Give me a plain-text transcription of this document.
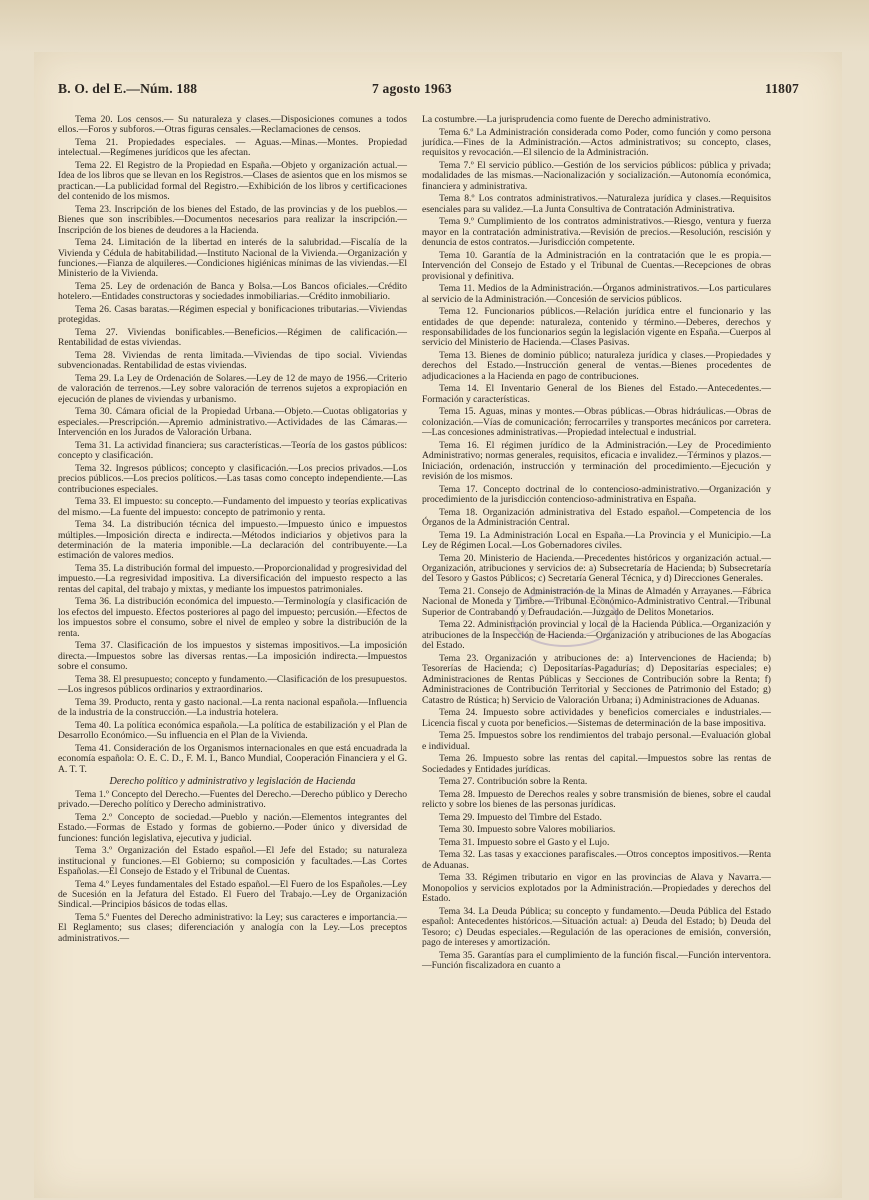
B. O. del E.—Núm. 188	7 agosto 1963	11807

Tema 20. Los censos.— Su naturaleza y clases.—Disposiciones comunes a todos ellos.—Foros y subforos.—Otras figuras censales.—Reclamaciones de censos.

Tema 21. Propiedades especiales. — Aguas.—Minas.—Montes. Propiedad intelectual.—Regímenes jurídicos que les afectan.

Tema 22. El Registro de la Propiedad en España.—Objeto y organización actual.—Idea de los libros que se llevan en los Registros.—Clases de asientos que en los mismos se practican.—La publicidad formal del Registro.—Exhibición de los libros y certificaciones del contenido de los mismos.

Tema 23. Inscripción de los bienes del Estado, de las provincias y de los pueblos.—Bienes que son inscribibles.—Documentos necesarios para realizar la inscripción.—Inscripción de los bienes de deudores a la Hacienda.

Tema 24. Limitación de la libertad en interés de la salubridad.—Fiscalía de la Vivienda y Cédula de habitabilidad.—Instituto Nacional de la Vivienda.—Organización y funciones.—Fianza de alquileres.—Condiciones higiénicas mínimas de las viviendas.—El Ministerio de la Vivienda.

Tema 25. Ley de ordenación de Banca y Bolsa.—Los Bancos oficiales.—Crédito hotelero.—Entidades constructoras y sociedades inmobiliarias.—Crédito inmobiliario.

Tema 26. Casas baratas.—Régimen especial y bonificaciones tributarias.—Viviendas protegidas.

Tema 27. Viviendas bonificables.—Beneficios.—Régimen de calificación.—Rentabilidad de estas viviendas.

Tema 28. Viviendas de renta limitada.—Viviendas de tipo social. Viviendas subvencionadas. Rentabilidad de estas viviendas.

Tema 29. La Ley de Ordenación de Solares.—Ley de 12 de mayo de 1956.—Criterio de valoración de terrenos.—Ley sobre valoración de terrenos sujetos a expropiación en ejecución de planes de viviendas y urbanismo.

Tema 30. Cámara oficial de la Propiedad Urbana.—Objeto.—Cuotas obligatorias y especiales.—Prescripción.—Apremio administrativo.—Actividades de las Cámaras.—Intervención en los Jurados de Valoración Urbana.

Tema 31. La actividad financiera; sus características.—Teoría de los gastos públicos: concepto y clasificación.

Tema 32. Ingresos públicos; concepto y clasificación.—Los precios privados.—Los precios públicos.—Los precios políticos.—Las tasas como concepto independiente.—Las contribuciones especiales.

Tema 33. El impuesto: su concepto.—Fundamento del impuesto y teorías explicativas del mismo.—La fuente del impuesto: concepto de patrimonio y renta.

Tema 34. La distribución técnica del impuesto.—Impuesto único e impuestos múltiples.—Imposición directa e indirecta.—Métodos indiciarios y objetivos para la determinación de la materia imponible.—La declaración del contribuyente.—La estimación de valores medios.

Tema 35. La distribución formal del impuesto.—Proporcionalidad y progresividad del impuesto.—La regresividad impositiva. La diversificación del impuesto respecto a las rentas del capital, del trabajo y mixtas, y mediante los impuestos patrimoniales.

Tema 36. La distribución económica del impuesto.—Terminología y clasificación de los efectos del impuesto. Efectos posteriores al pago del impuesto; percusión.—Efectos de los impuestos sobre el consumo, sobre el nivel de empleo y sobre la distribución de la renta.

Tema 37. Clasificación de los impuestos y sistemas impositivos.—La imposición directa.—Impuestos sobre las diversas rentas.—La imposición indirecta.—Impuestos sobre el consumo.

Tema 38. El presupuesto; concepto y fundamento.—Clasificación de los presupuestos.—Los ingresos públicos ordinarios y extraordinarios.

Tema 39. Producto, renta y gasto nacional.—La renta nacional española.—Influencia de la industria de la construcción.—La industria hotelera.

Tema 40. La política económica española.—La política de estabilización y el Plan de Desarrollo Económico.—Su influencia en el Plan de la Vivienda.

Tema 41. Consideración de los Organismos internacionales en que está encuadrada la economía española: O. E. C. D., F. M. I., Banco Mundial, Cooperación Financiera y el G. A. T. T.

Derecho político y administrativo y legislación de Hacienda

Tema 1.º Concepto del Derecho.—Fuentes del Derecho.—Derecho público y Derecho privado.—Derecho político y Derecho administrativo.

Tema 2.º Concepto de sociedad.—Pueblo y nación.—Elementos integrantes del Estado.—Formas de Estado y formas de gobierno.—Poder único y diversidad de funciones: función legislativa, ejecutiva y judicial.

Tema 3.º Organización del Estado español.—El Jefe del Estado; su naturaleza institucional y funciones.—El Gobierno; su composición y facultades.—Las Cortes Españolas.—El Consejo de Estado y el Tribunal de Cuentas.

Tema 4.º Leyes fundamentales del Estado español.—El Fuero de los Españoles.—Ley de Sucesión en la Jefatura del Estado. El Fuero del Trabajo.—Ley de Organización Sindical.—Principios básicos de todas ellas.

Tema 5.º Fuentes del Derecho administrativo: la Ley; sus caracteres e importancia.—El Reglamento; sus clases; diferenciación y analogía con la Ley.—Los preceptos administrativos.—

La costumbre.—La jurisprudencia como fuente de Derecho administrativo.

Tema 6.º La Administración considerada como Poder, como función y como persona jurídica.—Fines de la Administración.—Actos administrativos; su concepto, clases, requisitos y revocación.—El silencio de la Administración.

Tema 7.º El servicio público.—Gestión de los servicios públicos: pública y privada; modalidades de las mismas.—Nacionalización y socialización.—Autonomía económica, financiera y administrativa.

Tema 8.º Los contratos administrativos.—Naturaleza jurídica y clases.—Requisitos esenciales para su validez.—La Junta Consultiva de Contratación Administrativa.

Tema 9.º Cumplimiento de los contratos administrativos.—Riesgo, ventura y fuerza mayor en la contratación administrativa.—Revisión de precios.—Resolución, rescisión y denuncia de estos contratos.—Jurisdicción competente.

Tema 10. Garantía de la Administración en la contratación que le es propia.—Intervención del Consejo de Estado y el Tribunal de Cuentas.—Recepciones de obras provisional y definitiva.

Tema 11. Medios de la Administración.—Órganos administrativos.—Los particulares al servicio de la Administración.—Concesión de servicios públicos.

Tema 12. Funcionarios públicos.—Relación jurídica entre el funcionario y las entidades de que depende: naturaleza, contenido y término.—Deberes, derechos y responsabilidades de los funcionarios según la legislación vigente en España.—Cuerpos al servicio del Ministerio de Hacienda.—Clases Pasivas.

Tema 13. Bienes de dominio público; naturaleza jurídica y clases.—Propiedades y derechos del Estado.—Instrucción general de ventas.—Bienes procedentes de adjudicaciones a la Hacienda en pago de contribuciones.

Tema 14. El Inventario General de los Bienes del Estado.—Antecedentes.—Formación y características.

Tema 15. Aguas, minas y montes.—Obras públicas.—Obras hidráulicas.—Obras de colonización.—Vías de comunicación; ferrocarriles y transportes mecánicos por carretera.—Las concesiones administrativas.—Propiedad intelectual e industrial.

Tema 16. El régimen jurídico de la Administración.—Ley de Procedimiento Administrativo; normas generales, requisitos, eficacia e invalidez.—Términos y plazos.—Iniciación, ordenación, instrucción y terminación del procedimiento.—Ejecución y revisión de los mismos.

Tema 17. Concepto doctrinal de lo contencioso-administrativo.—Organización y procedimiento de la jurisdicción contencioso-administrativa en España.

Tema 18. Organización administrativa del Estado español.—Competencia de los Órganos de la Administración Central.

Tema 19. La Administración Local en España.—La Provincia y el Municipio.—La Ley de Régimen Local.—Los Gobernadores civiles.

Tema 20. Ministerio de Hacienda.—Precedentes históricos y organización actual.—Organización, atribuciones y servicios de: a) Subsecretaría de Hacienda; b) Subsecretaría del Tesoro y Gastos Públicos; c) Secretaría General Técnica, y d) Direcciones Generales.

Tema 21. Consejo de Administración de la Minas de Almadén y Arrayanes.—Fábrica Nacional de Moneda y Timbre.—Tribunal Económico-Administrativo Central.—Tribunal Superior de Contrabando y Defraudación.—Juzgado de Delitos Monetarios.

Tema 22. Administración provincial y local de la Hacienda Pública.—Organización y atribuciones de la Inspección de Hacienda.—Organización y atribuciones de las Abogacías del Estado.

Tema 23. Organización y atribuciones de: a) Intervenciones de Hacienda; b) Tesorerías de Hacienda; c) Depositarías-Pagadurías; d) Depositarías especiales; e) Administraciones de Rentas Públicas y Secciones de Contribución sobre la Renta; f) Administraciones de Contribución Territorial y Secciones de Patrimonio del Estado; g) Catastro de Rústica; h) Servicio de Valoración Urbana; i) Administraciones de Aduanas.

Tema 24. Impuesto sobre actividades y beneficios comerciales e industriales.—Licencia fiscal y cuota por beneficios.—Sistemas de determinación de la base impositiva.

Tema 25. Impuestos sobre los rendimientos del trabajo personal.—Evaluación global e individual.

Tema 26. Impuesto sobre las rentas del capital.—Impuestos sobre las rentas de Sociedades y Entidades jurídicas.

Tema 27. Contribución sobre la Renta.

Tema 28. Impuesto de Derechos reales y sobre transmisión de bienes, sobre el caudal relicto y sobre los bienes de las personas jurídicas.

Tema 29. Impuesto del Timbre del Estado.

Tema 30. Impuesto sobre Valores mobiliarios.

Tema 31. Impuesto sobre el Gasto y el Lujo.

Tema 32. Las tasas y exacciones parafiscales.—Otros conceptos impositivos.—Renta de Aduanas.

Tema 33. Régimen tributario en vigor en las provincias de Alava y Navarra.—Monopolios y servicios explotados por la Administración.—Propiedades y derechos del Estado.

Tema 34. La Deuda Pública; su concepto y fundamento.—Deuda Pública del Estado español: Antecedentes históricos.—Situación actual: a) Deuda del Estado; b) Deuda del Tesoro; c) Deudas especiales.—Regulación de las operaciones de emisión, conversión, pago de intereses y amortización.

Tema 35. Garantías para el cumplimiento de la función fiscal.—Función interventora.—Función fiscalizadora en cuanto a
